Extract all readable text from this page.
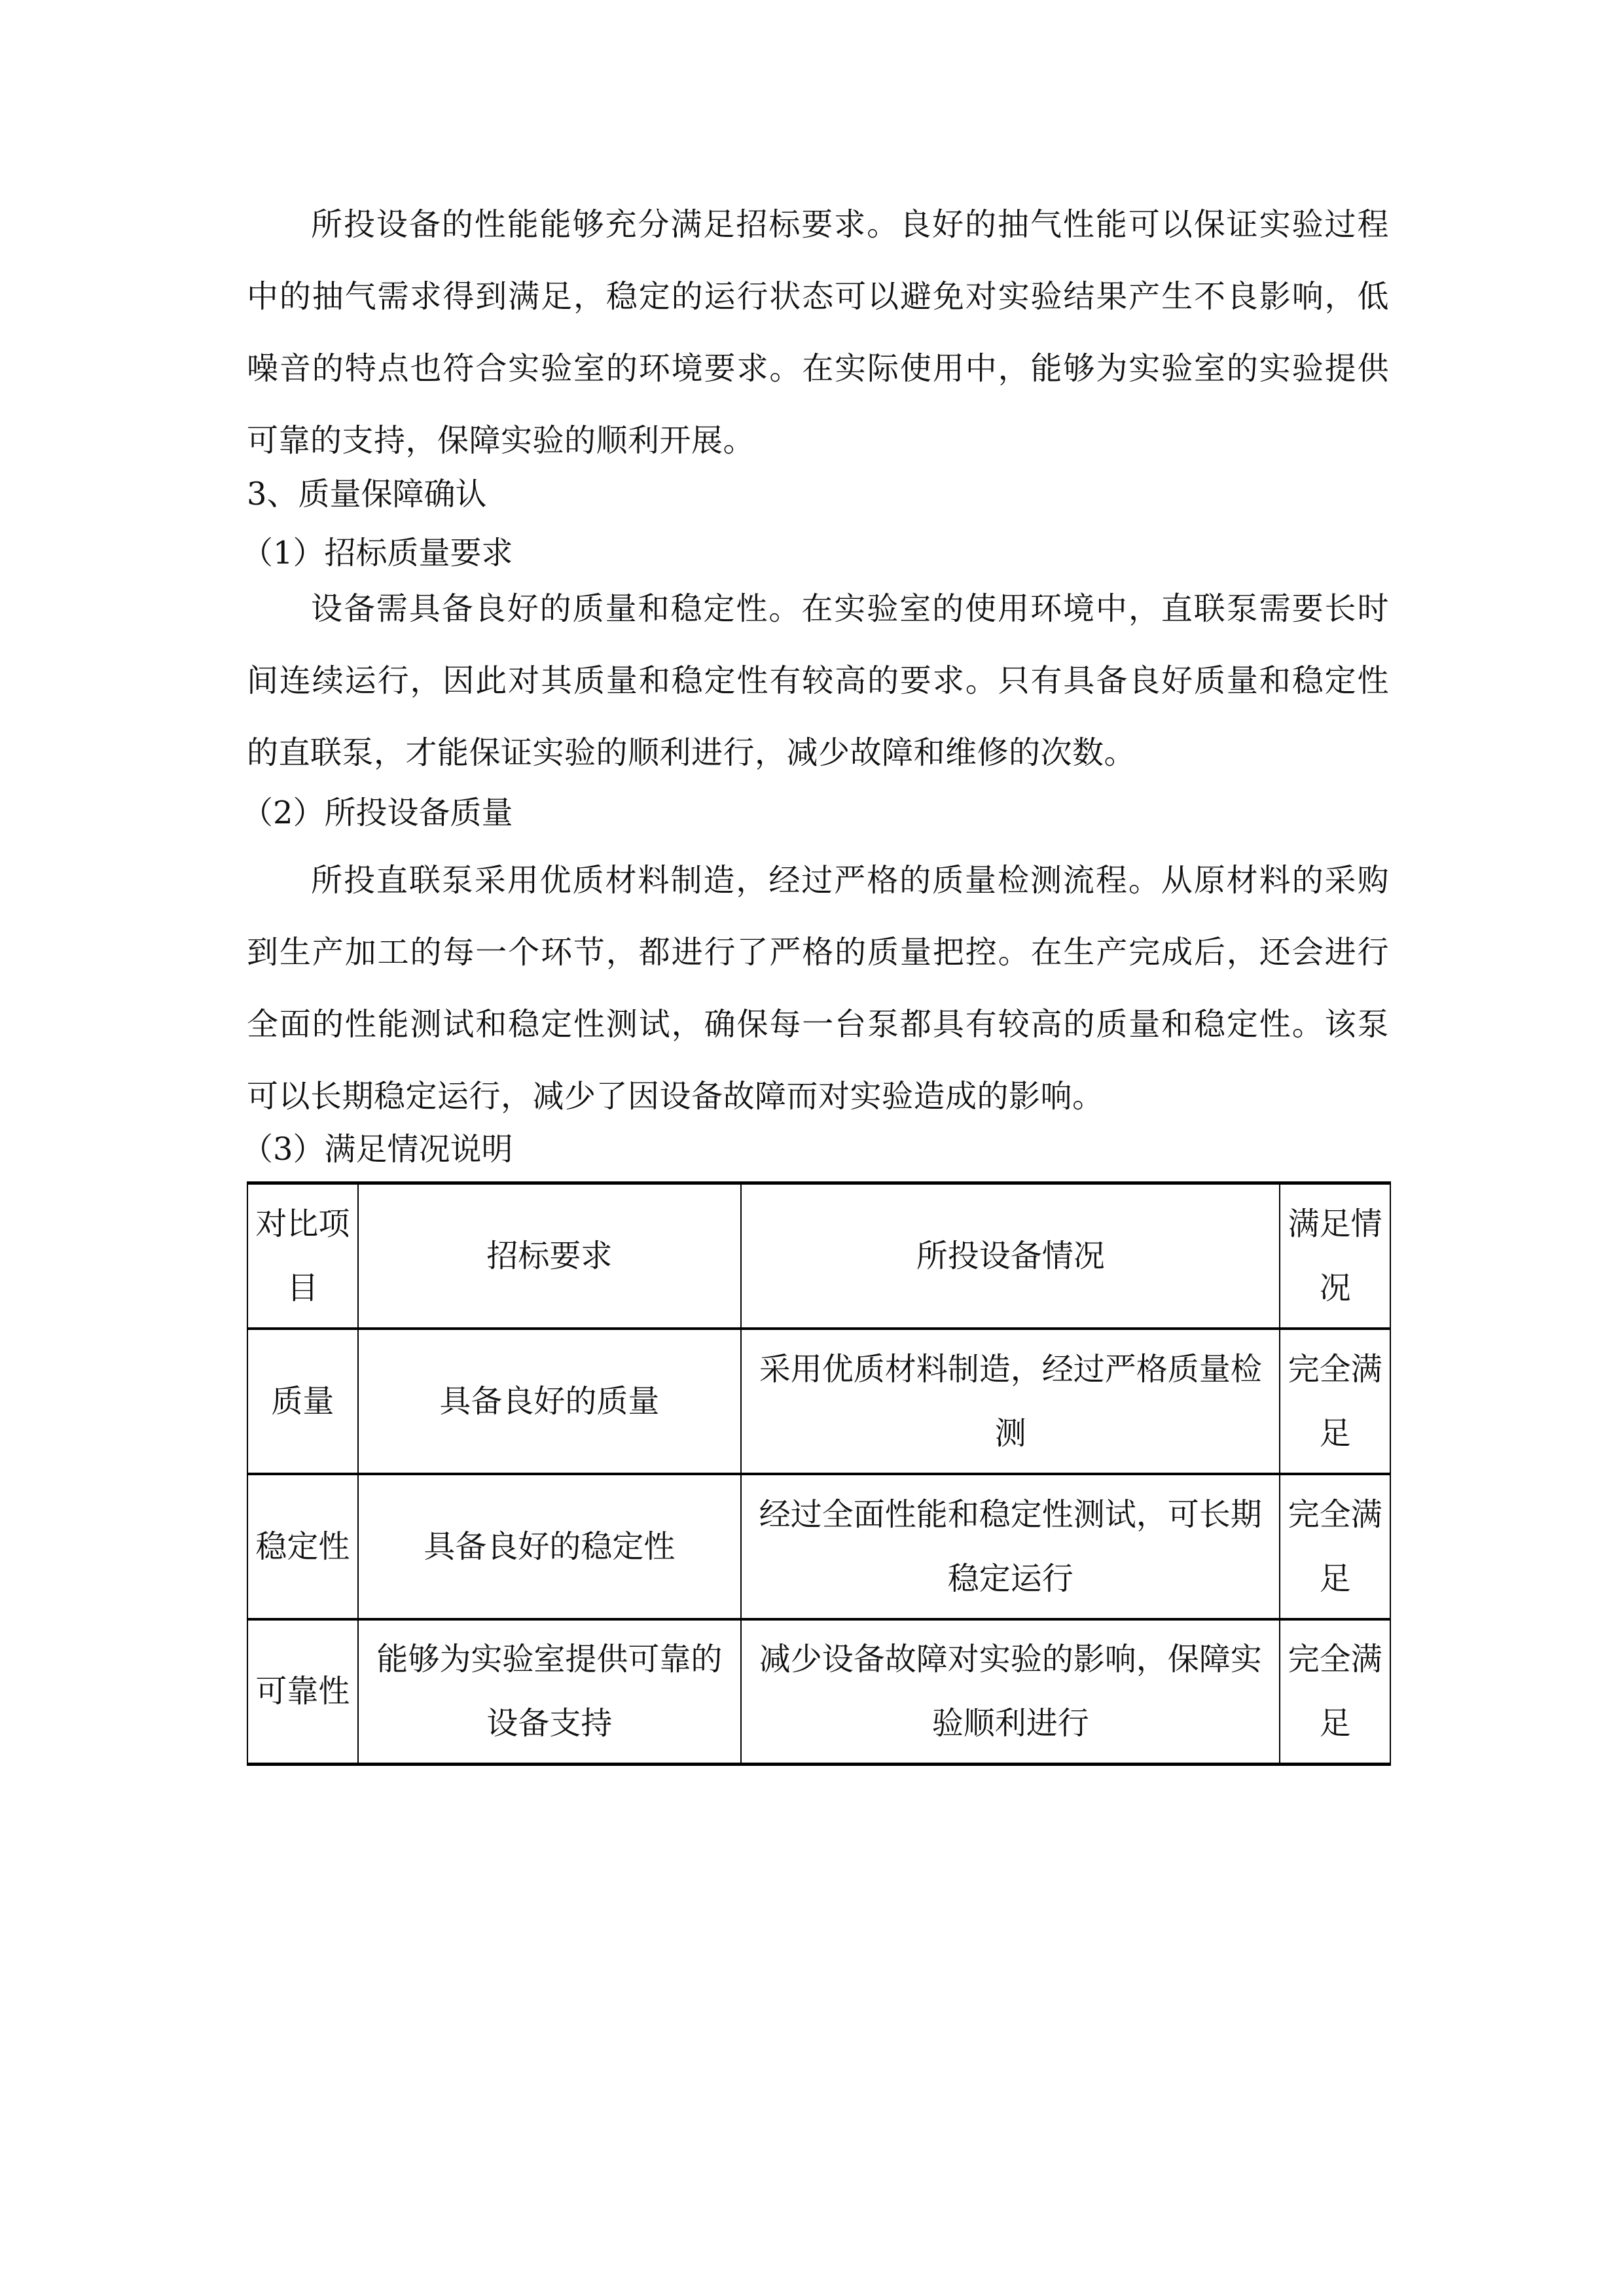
所投设备的性能能够充分满足招标要求。良好的抽气性能可以保证实验过程中的抽气需求得到满足，稳定的运行状态可以避免对实验结果产生不良影响，低噪音的特点也符合实验室的环境要求。在实际使用中，能够为实验室的实验提供可靠的支持，保障实验的顺利开展。

3、质量保障确认

（1）招标质量要求

设备需具备良好的质量和稳定性。在实验室的使用环境中，直联泵需要长时间连续运行，因此对其质量和稳定性有较高的要求。只有具备良好质量和稳定性的直联泵，才能保证实验的顺利进行，减少故障和维修的次数。

（2）所投设备质量

所投直联泵采用优质材料制造，经过严格的质量检测流程。从原材料的采购到生产加工的每一个环节，都进行了严格的质量把控。在生产完成后，还会进行全面的性能测试和稳定性测试，确保每一台泵都具有较高的质量和稳定性。该泵可以长期稳定运行，减少了因设备故障而对实验造成的影响。

（3）满足情况说明

对比项目	招标要求	所投设备情况	满足情况
质量	具备良好的质量	采用优质材料制造，经过严格质量检测	完全满足
稳定性	具备良好的稳定性	经过全面性能和稳定性测试，可长期稳定运行	完全满足
可靠性	能够为实验室提供可靠的设备支持	减少设备故障对实验的影响，保障实验顺利进行	完全满足
